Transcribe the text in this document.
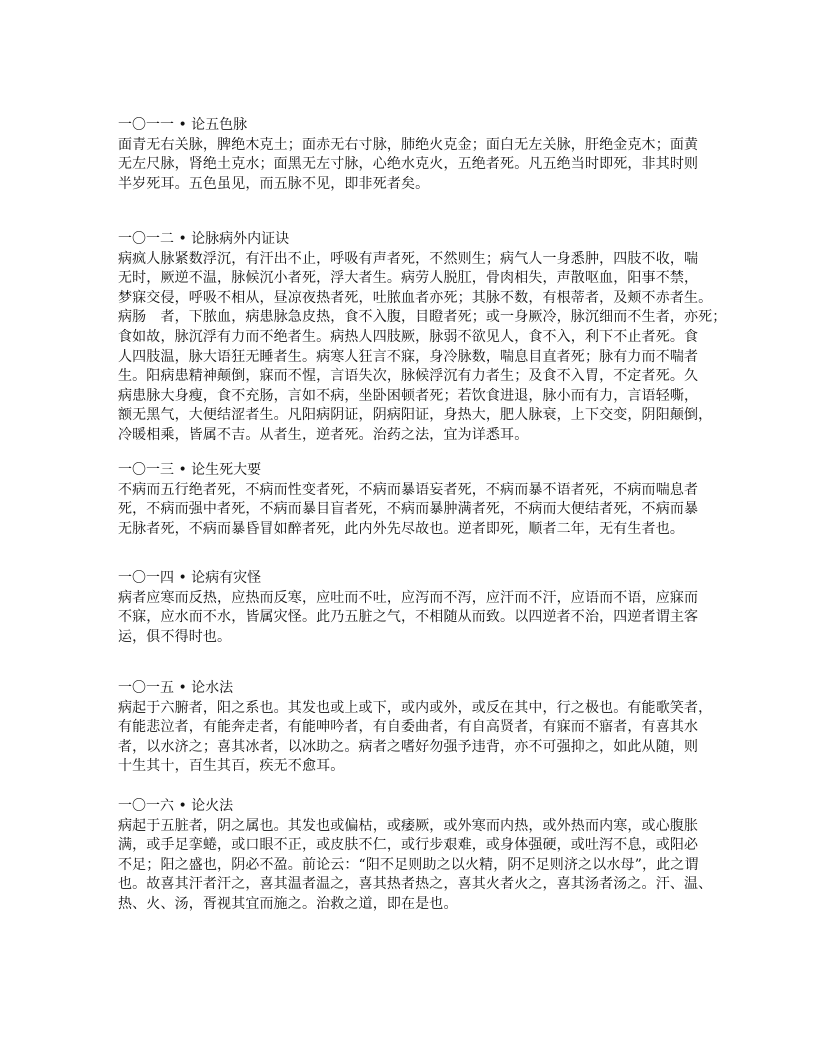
一〇一一 • 论五色脉
面青无右关脉，脾绝木克土；面赤无右寸脉，肺绝火克金；面白无左关脉，肝绝金克木；面黄
无左尺脉，肾绝土克水；面黑无左寸脉，心绝水克火，五绝者死。凡五绝当时即死，非其时则
半岁死耳。五色虽见，而五脉不见，即非死者矣。
一〇一二 • 论脉病外内证诀
病疯人脉紧数浮沉，有汗出不止，呼吸有声者死，不然则生；病气人一身悉肿，四肢不收，喘
无时，厥逆不温，脉候沉小者死，浮大者生。病劳人脱肛，骨肉相失，声散呕血，阳事不禁，
梦寐交侵，呼吸不相从，昼凉夜热者死，吐脓血者亦死；其脉不数，有根蒂者，及颊不赤者生。
病肠　者，下脓血，病患脉急皮热，食不入腹，目瞪者死；或一身厥冷，脉沉细而不生者，亦死；
食如故，脉沉浮有力而不绝者生。病热人四肢厥，脉弱不欲见人，食不入，利下不止者死。食
人四肢温，脉大语狂无睡者生。病寒人狂言不寐，身冷脉数，喘息目直者死；脉有力而不喘者
生。阳病患精神颠倒，寐而不惺，言语失次，脉候浮沉有力者生；及食不入胃，不定者死。久
病患脉大身瘦，食不充肠，言如不病，坐卧困顿者死；若饮食进退，脉小而有力，言语轻嘶，
额无黑气，大便结涩者生。凡阳病阴证，阴病阳证，身热大，肥人脉衰，上下交变，阴阳颠倒，
冷暖相乘，皆属不吉。从者生，逆者死。治药之法，宜为详悉耳。
一〇一三 • 论生死大要
不病而五行绝者死，不病而性变者死，不病而暴语妄者死，不病而暴不语者死，不病而喘息者
死，不病而强中者死，不病而暴目盲者死，不病而暴肿满者死，不病而大便结者死，不病而暴
无脉者死，不病而暴昏冒如醉者死，此内外先尽故也。逆者即死，顺者二年，无有生者也。
一〇一四 • 论病有灾怪
病者应寒而反热，应热而反寒，应吐而不吐，应泻而不泻，应汗而不汗，应语而不语，应寐而
不寐，应水而不水，皆属灾怪。此乃五脏之气，不相随从而致。以四逆者不治，四逆者谓主客
运，俱不得时也。
一〇一五 • 论水法
病起于六腑者，阳之系也。其发也或上或下，或内或外，或反在其中，行之极也。有能歌笑者，
有能悲泣者，有能奔走者，有能呻吟者，有自委曲者，有自高贤者，有寐而不寤者，有喜其水
者，以水济之；喜其冰者，以冰助之。病者之嗜好勿强予违背，亦不可强抑之，如此从随，则
十生其十，百生其百，疾无不愈耳。
一〇一六 • 论火法
病起于五脏者，阴之属也。其发也或偏枯，或痿厥，或外寒而内热，或外热而内寒，或心腹胀
满，或手足挛蜷，或口眼不正，或皮肤不仁，或行步艰难，或身体强硬，或吐泻不息，或阳必
不足；阳之盛也，阴必不盈。前论云：“阳不足则助之以火精，阴不足则济之以水母”，此之谓
也。故喜其汗者汗之，喜其温者温之，喜其热者热之，喜其火者火之，喜其汤者汤之。汗、温、
热、火、汤，胥视其宜而施之。治救之道，即在是也。
